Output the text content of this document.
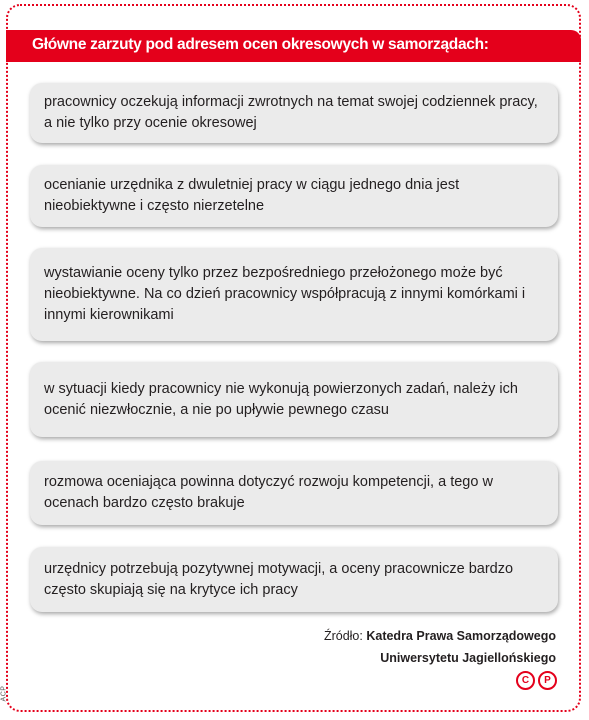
Główne zarzuty pod adresem ocen okresowych w samorządach:
pracownicy oczekują informacji zwrotnych na temat swojej codziennek pracy, a nie tylko przy ocenie okresowej
ocenianie urzędnika z dwuletniej pracy w ciągu jednego dnia jest nieobiektywne i często nierzetelne
wystawianie oceny tylko przez bezpośredniego przełożonego może być nieobiektywne. Na co dzień pracownicy współpracują z innymi komórkami i innymi kierownikami
w sytuacji kiedy pracownicy nie wykonują powierzonych zadań, należy ich ocenić niezwłocznie, a nie po upływie pewnego czasu
rozmowa oceniająca powinna dotyczyć rozwoju kompetencji, a tego w ocenach bardzo często brakuje
urzędnicy potrzebują pozytywnej motywacji, a oceny pracownicze bardzo często skupiają się na krytyce ich pracy
Źródło: Katedra Prawa Samorządowego
Uniwersytetu Jagiellońskiego
C	P
ACP
